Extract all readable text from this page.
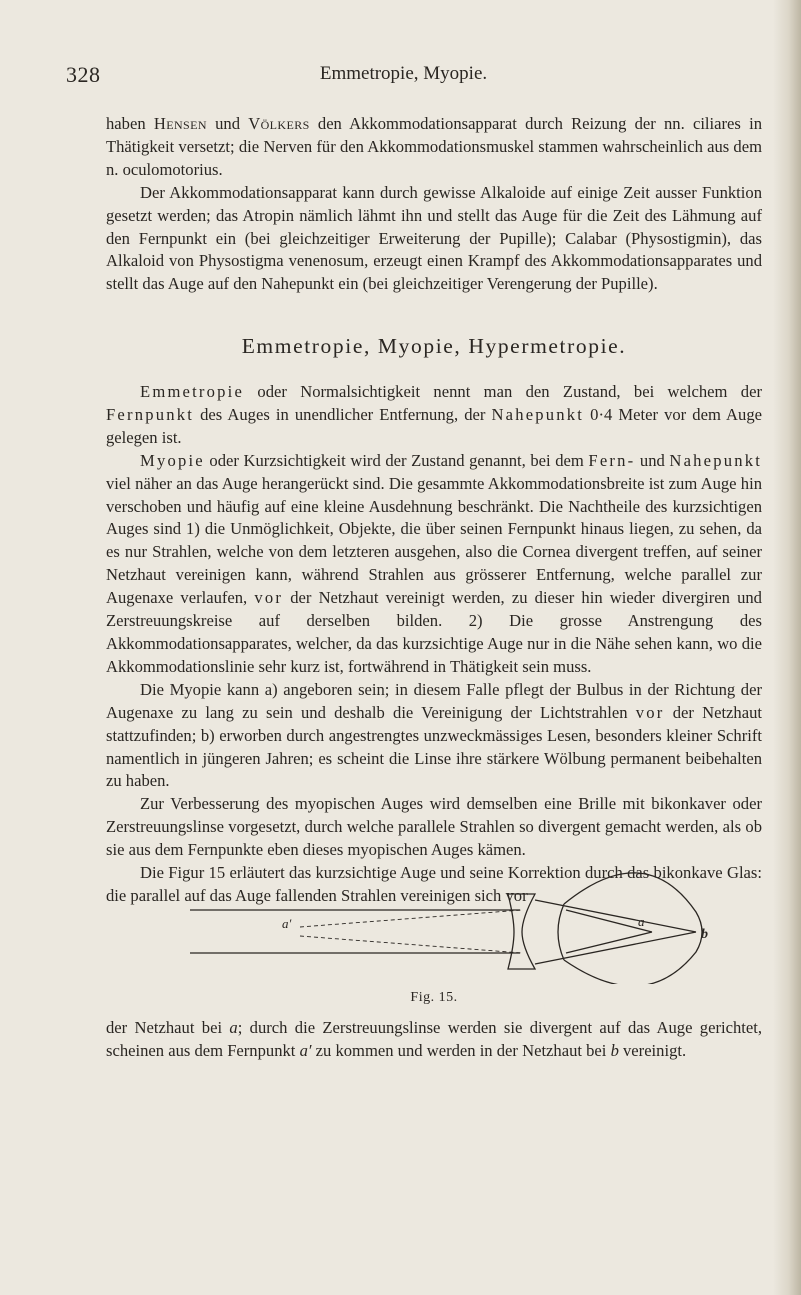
328	Emmetropie, Myopie.

haben Hensen und Völkers den Akkommodationsapparat durch Reizung der nn. ciliares in Thätigkeit versetzt; die Nerven für den Akkommodationsmuskel stammen wahrscheinlich aus dem n. oculomotorius.

Der Akkommodationsapparat kann durch gewisse Alkaloide auf einige Zeit ausser Funktion gesetzt werden; das Atropin nämlich lähmt ihn und stellt das Auge für die Zeit des Lähmung auf den Fernpunkt ein (bei gleichzeitiger Erweiterung der Pupille); Calabar (Physostigmin), das Alkaloid von Physostigma venenosum, erzeugt einen Krampf des Akkommodationsapparates und stellt das Auge auf den Nahepunkt ein (bei gleichzeitiger Verengerung der Pupille).

Emmetropie, Myopie, Hypermetropie.

Emmetropie oder Normalsichtigkeit nennt man den Zustand, bei welchem der Fernpunkt des Auges in unendlicher Entfernung, der Nahepunkt 0·4 Meter vor dem Auge gelegen ist.

Myopie oder Kurzsichtigkeit wird der Zustand genannt, bei dem Fern- und Nahepunkt viel näher an das Auge herangerückt sind. Die gesammte Akkommodationsbreite ist zum Auge hin verschoben und häufig auf eine kleine Ausdehnung beschränkt. Die Nachtheile des kurzsichtigen Auges sind 1) die Unmöglichkeit, Objekte, die über seinen Fernpunkt hinaus liegen, zu sehen, da es nur Strahlen, welche von dem letzteren ausgehen, also die Cornea divergent treffen, auf seiner Netzhaut vereinigen kann, während Strahlen aus grösserer Entfernung, welche parallel zur Augenaxe verlaufen, vor der Netzhaut vereinigt werden, zu dieser hin wieder divergiren und Zerstreuungskreise auf derselben bilden. 2) Die grosse Anstrengung des Akkommodationsapparates, welcher, da das kurzsichtige Auge nur in die Nähe sehen kann, wo die Akkommodationslinie sehr kurz ist, fortwährend in Thätigkeit sein muss.

Die Myopie kann a) angeboren sein; in diesem Falle pflegt der Bulbus in der Richtung der Augenaxe zu lang zu sein und deshalb die Vereinigung der Lichtstrahlen vor der Netzhaut stattzufinden; b) erworben durch angestrengtes unzweckmässiges Lesen, besonders kleiner Schrift namentlich in jüngeren Jahren; es scheint die Linse ihre stärkere Wölbung permanent beibehalten zu haben.

Zur Verbesserung des myopischen Auges wird demselben eine Brille mit bikonkaver oder Zerstreuungslinse vorgesetzt, durch welche parallele Strahlen so divergent gemacht werden, als ob sie aus dem Fernpunkte eben dieses myopischen Auges kämen.

Die Figur 15 erläutert das kurzsichtige Auge und seine Korrektion durch das bikonkave Glas: die parallel auf das Auge fallenden Strahlen vereinigen sich vor

a′	a
b
Fig. 15.

der Netzhaut bei a; durch die Zerstreuungslinse werden sie divergent auf das Auge gerichtet, scheinen aus dem Fernpunkt a′ zu kommen und werden in der Netzhaut bei b vereinigt.
